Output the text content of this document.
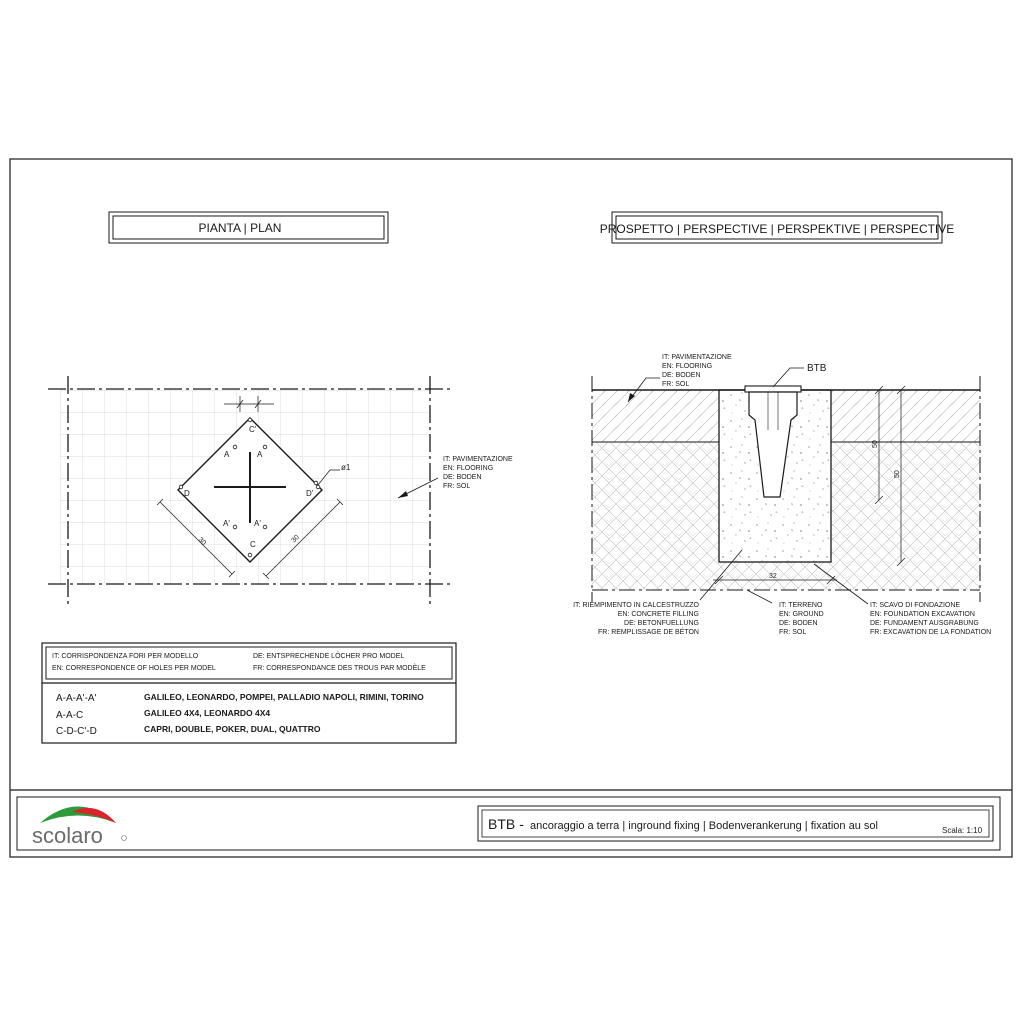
PIANTA | PLAN
C'
A	A
D	D'
A'	A'
C
ø1
30	30
IT: PAVIMENTAZIONE
EN: FLOORING
DE: BODEN
FR: SOL
PROSPETTO | PERSPECTIVE | PERSPEKTIVE | PERSPECTIVE
BTB
IT: PAVIMENTAZIONE
EN: FLOORING
DE: BODEN
FR: SOL
50
50
32
IT: RIEMPIMENTO IN CALCESTRUZZO
EN: CONCRETE FILLING
DE: BETONFUELLUNG
FR: REMPLISSAGE DE BÉTON
IT: TERRENO
EN: GROUND
DE: BODEN
FR: SOL
IT: SCAVO DI FONDAZIONE
EN: FOUNDATION EXCAVATION
DE: FUNDAMENT AUSGRABUNG
FR: EXCAVATION DE LA FONDATION
IT: CORRISPONDENZA FORI PER MODELLO
EN: CORRESPONDENCE OF HOLES PER MODEL
DE: ENTSPRECHENDE LÖCHER PRO MODEL
FR: CORRESPONDANCE DES TROUS PAR MODÈLE
A-A-A'-A'	GALILEO, LEONARDO, POMPEI, PALLADIO NAPOLI, RIMINI, TORINO
A-A-C	GALILEO 4X4, LEONARDO 4X4
C-D-C'-D	CAPRI, DOUBLE, POKER, DUAL, QUATTRO
scolaro	BTB - ancoraggio a terra | inground fixing | Bodenverankerung | fixation au sol	Scala: 1:10
